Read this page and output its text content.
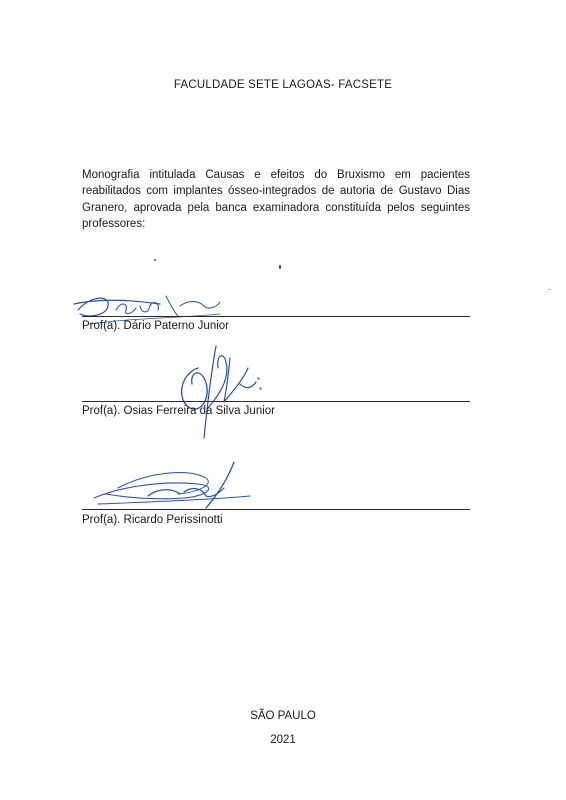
FACULDADE SETE LAGOAS- FACSETE

Monografia intitulada Causas e efeitos do Bruxismo em pacientes reabilitados com implantes ósseo-integrados de autoria de Gustavo Dias Granero, aprovada pela banca examinadora constituída pelos seguintes professores:

Prof(a). Dário Paterno Junior
Prof(a). Osias Ferreira da Silva Junior
Prof(a). Ricardo Perissinotti
SÃO PAULO
2021
